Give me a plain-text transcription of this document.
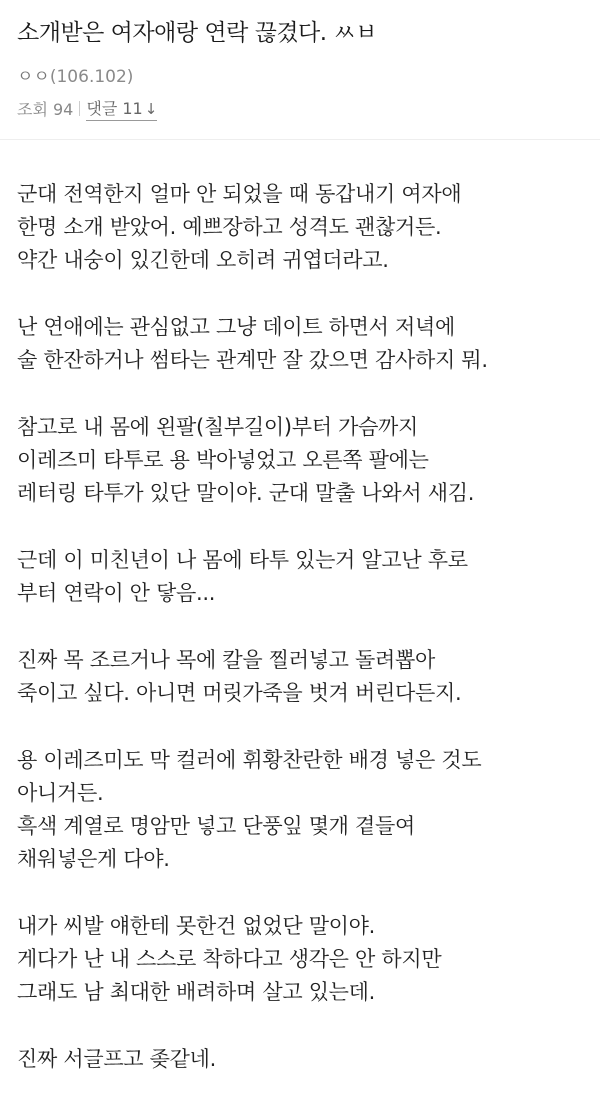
소개받은 여자애랑 연락 끊겼다. ㅆㅂ
ㅇㅇ(106.102)
조회 94 댓글 11 ↓
군대 전역한지 얼마 안 되었을 때 동갑내기 여자애
한명 소개 받았어. 예쁘장하고 성격도 괜찮거든.
약간 내숭이 있긴한데 오히려 귀엽더라고.
난 연애에는 관심없고 그냥 데이트 하면서 저녁에
술 한잔하거나 썸타는 관계만 잘 갔으면 감사하지 뭐.
참고로 내 몸에 왼팔(칠부길이)부터 가슴까지
이레즈미 타투로 용 박아넣었고 오른쪽 팔에는
레터링 타투가 있단 말이야. 군대 말출 나와서 새김.
근데 이 미친년이 나 몸에 타투 있는거 알고난 후로
부터 연락이 안 닿음...
진짜 목 조르거나 목에 칼을 찔러넣고 돌려뽑아
죽이고 싶다. 아니면 머릿가죽을 벗겨 버린다든지.
용 이레즈미도 막 컬러에 휘황찬란한 배경 넣은 것도
아니거든.
흑색 계열로 명암만 넣고 단풍잎 몇개 곁들여
채워넣은게 다야.
내가 씨발 얘한테 못한건 없었단 말이야.
게다가 난 내 스스로 착하다고 생각은 안 하지만
그래도 남 최대한 배려하며 살고 있는데.
진짜 서글프고 좆같네.
